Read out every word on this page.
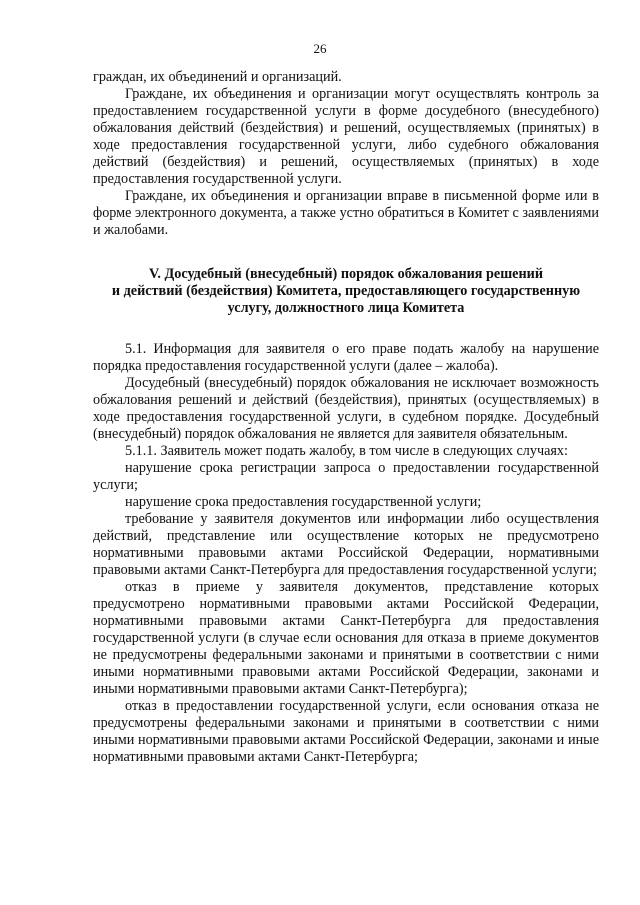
26

граждан, их объединений и организаций.

Граждане, их объединения и организации могут осуществлять контроль за предоставлением государственной услуги в форме досудебного (внесудебного) обжалования действий (бездействия) и решений, осуществляемых (принятых) в ходе предоставления государственной услуги, либо судебного обжалования действий (бездействия) и решений, осуществляемых (принятых) в ходе предоставления государственной услуги.

Граждане, их объединения и организации вправе в письменной форме или в форме электронного документа, а также устно обратиться в Комитет с заявлениями и жалобами.

V. Досудебный (внесудебный) порядок обжалования решений
и действий (бездействия) Комитета, предоставляющего государственную
услугу, должностного лица Комитета

5.1. Информация для заявителя о его праве подать жалобу на нарушение порядка предоставления государственной услуги (далее – жалоба).

Досудебный (внесудебный) порядок обжалования не исключает возможность обжалования решений и действий (бездействия), принятых (осуществляемых) в ходе предоставления государственной услуги, в судебном порядке. Досудебный (внесудебный) порядок обжалования не является для заявителя обязательным.

5.1.1. Заявитель может подать жалобу, в том числе в следующих случаях:

нарушение срока регистрации запроса о предоставлении государственной услуги;

нарушение срока предоставления государственной услуги;

требование у заявителя документов или информации либо осуществления действий, представление или осуществление которых не предусмотрено нормативными правовыми актами Российской Федерации, нормативными правовыми актами Санкт-Петербурга для предоставления государственной услуги;

отказ в приеме у заявителя документов, представление которых предусмотрено нормативными правовыми актами Российской Федерации, нормативными правовыми актами Санкт-Петербурга для предоставления государственной услуги (в случае если основания для отказа в приеме документов не предусмотрены федеральными законами и принятыми в соответствии с ними иными нормативными правовыми актами Российской Федерации, законами и иными нормативными правовыми актами Санкт-Петербурга);

отказ в предоставлении государственной услуги, если основания отказа не предусмотрены федеральными законами и принятыми в соответствии с ними иными нормативными правовыми актами Российской Федерации, законами и иные нормативными правовыми актами Санкт-Петербурга;
